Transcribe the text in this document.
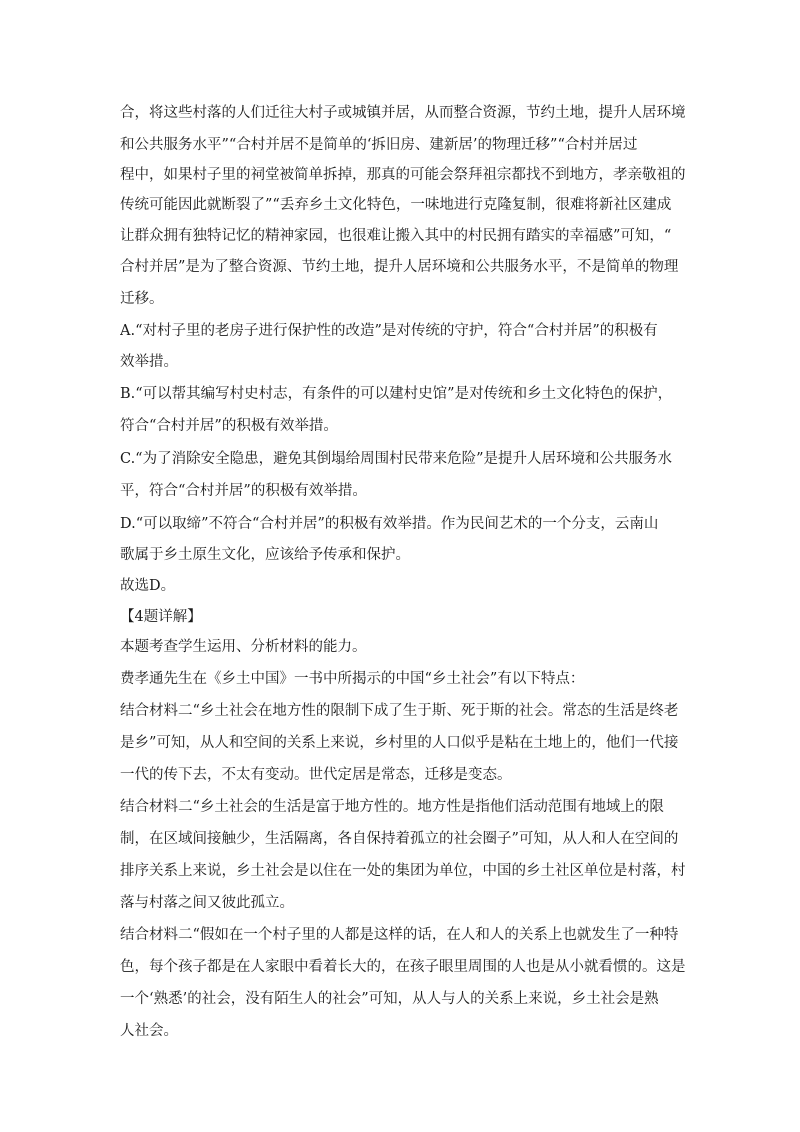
合，将这些村落的人们迁往大村子或城镇并居，从而整合资源，节约土地，提升人居环境
和公共服务水平”“合村并居不是简单的‘拆旧房、建新居’的物理迁移”“合村并居过
程中，如果村子里的祠堂被简单拆掉，那真的可能会祭拜祖宗都找不到地方，孝亲敬祖的
传统可能因此就断裂了”“丢弃乡土文化特色，一味地进行克隆复制，很难将新社区建成
让群众拥有独特记忆的精神家园，也很难让搬入其中的村民拥有踏实的幸福感”可知，“
合村并居”是为了整合资源、节约土地，提升人居环境和公共服务水平，不是简单的物理
迁移。
A.“对村子里的老房子进行保护性的改造”是对传统的守护，符合“合村并居”的积极有
效举措。
B.“可以帮其编写村史村志，有条件的可以建村史馆”是对传统和乡土文化特色的保护，
符合“合村并居”的积极有效举措。
C.“为了消除安全隐患，避免其倒塌给周围村民带来危险”是提升人居环境和公共服务水
平，符合“合村并居”的积极有效举措。
D.“可以取缔”不符合“合村并居”的积极有效举措。作为民间艺术的一个分支，云南山
歌属于乡土原生文化，应该给予传承和保护。
故选D。
【4题详解】
本题考查学生运用、分析材料的能力。
费孝通先生在《乡土中国》一书中所揭示的中国“乡土社会”有以下特点：
结合材料二“乡土社会在地方性的限制下成了生于斯、死于斯的社会。常态的生活是终老
是乡”可知，从人和空间的关系上来说，乡村里的人口似乎是粘在土地上的，他们一代接
一代的传下去，不太有变动。世代定居是常态，迁移是变态。
结合材料二“乡土社会的生活是富于地方性的。地方性是指他们活动范围有地域上的限
制，在区域间接触少，生活隔离，各自保持着孤立的社会圈子”可知，从人和人在空间的
排序关系上来说，乡土社会是以住在一处的集团为单位，中国的乡土社区单位是村落，村
落与村落之间又彼此孤立。
结合材料二“假如在一个村子里的人都是这样的话，在人和人的关系上也就发生了一种特
色，每个孩子都是在人家眼中看着长大的，在孩子眼里周围的人也是从小就看惯的。这是
一个‘熟悉’的社会，没有陌生人的社会”可知，从人与人的关系上来说，乡土社会是熟
人社会。
